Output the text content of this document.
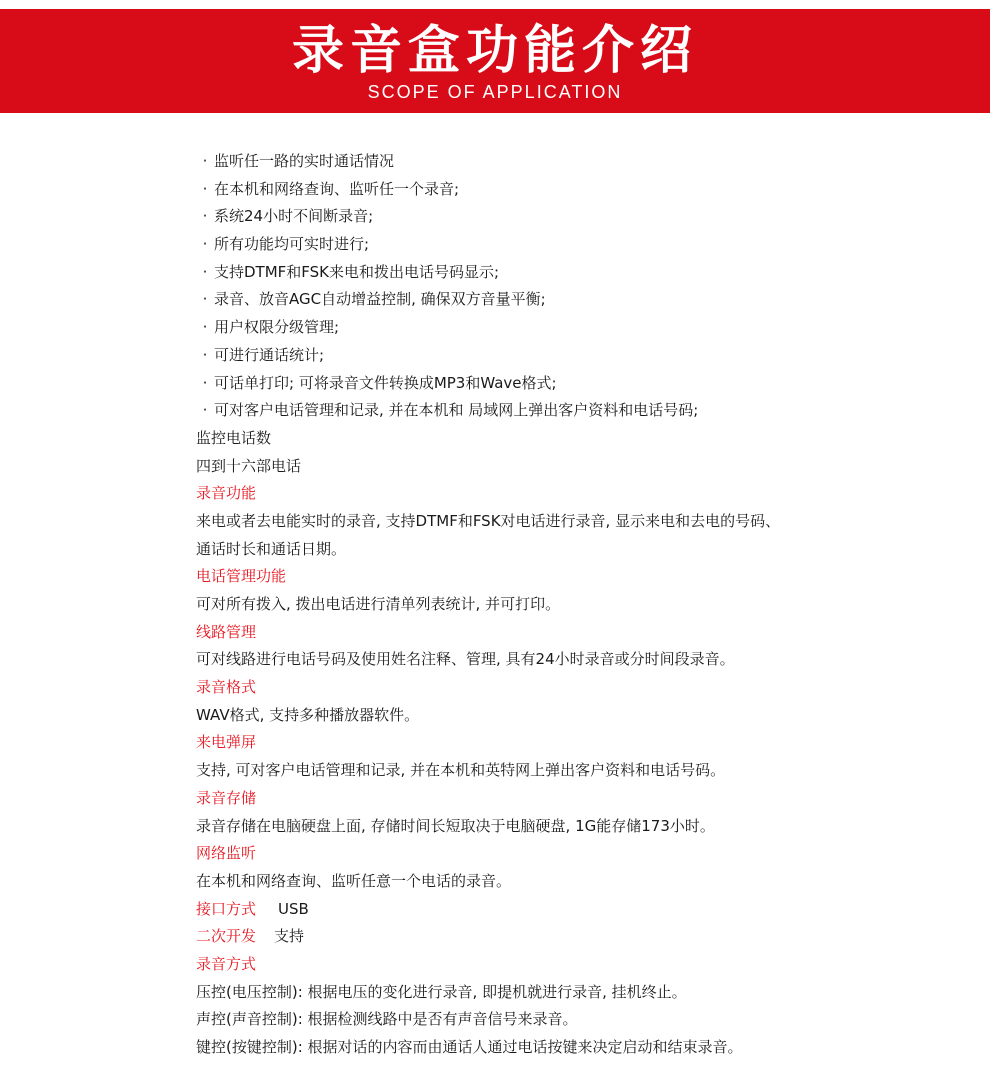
录音盒功能介绍
SCOPE OF APPLICATION
· 监听任一路的实时通话情况
· 在本机和网络查询、监听任一个录音;
· 系统24小时不间断录音;
· 所有功能均可实时进行;
· 支持DTMF和FSK来电和拨出电话号码显示;
· 录音、放音AGC自动增益控制, 确保双方音量平衡;
· 用户权限分级管理;
· 可进行通话统计;
· 可话单打印; 可将录音文件转换成MP3和Wave格式;
· 可对客户电话管理和记录, 并在本机和 局域网上弹出客户资料和电话号码;
监控电话数
四到十六部电话
录音功能
来电或者去电能实时的录音, 支持DTMF和FSK对电话进行录音, 显示来电和去电的号码、
通话时长和通话日期。
电话管理功能
可对所有拨入, 拨出电话进行清单列表统计, 并可打印。
线路管理
可对线路进行电话号码及使用姓名注释、管理, 具有24小时录音或分时间段录音。
录音格式
WAV格式, 支持多种播放器软件。
来电弹屏
支持, 可对客户电话管理和记录, 并在本机和英特网上弹出客户资料和电话号码。
录音存储
录音存储在电脑硬盘上面, 存储时间长短取决于电脑硬盘, 1G能存储173小时。
网络监听
在本机和网络查询、监听任意一个电话的录音。
接口方式 USB
二次开发 支持
录音方式
压控(电压控制): 根据电压的变化进行录音, 即提机就进行录音, 挂机终止。
声控(声音控制): 根据检测线路中是否有声音信号来录音。
键控(按键控制): 根据对话的内容而由通话人通过电话按键来决定启动和结束录音。
